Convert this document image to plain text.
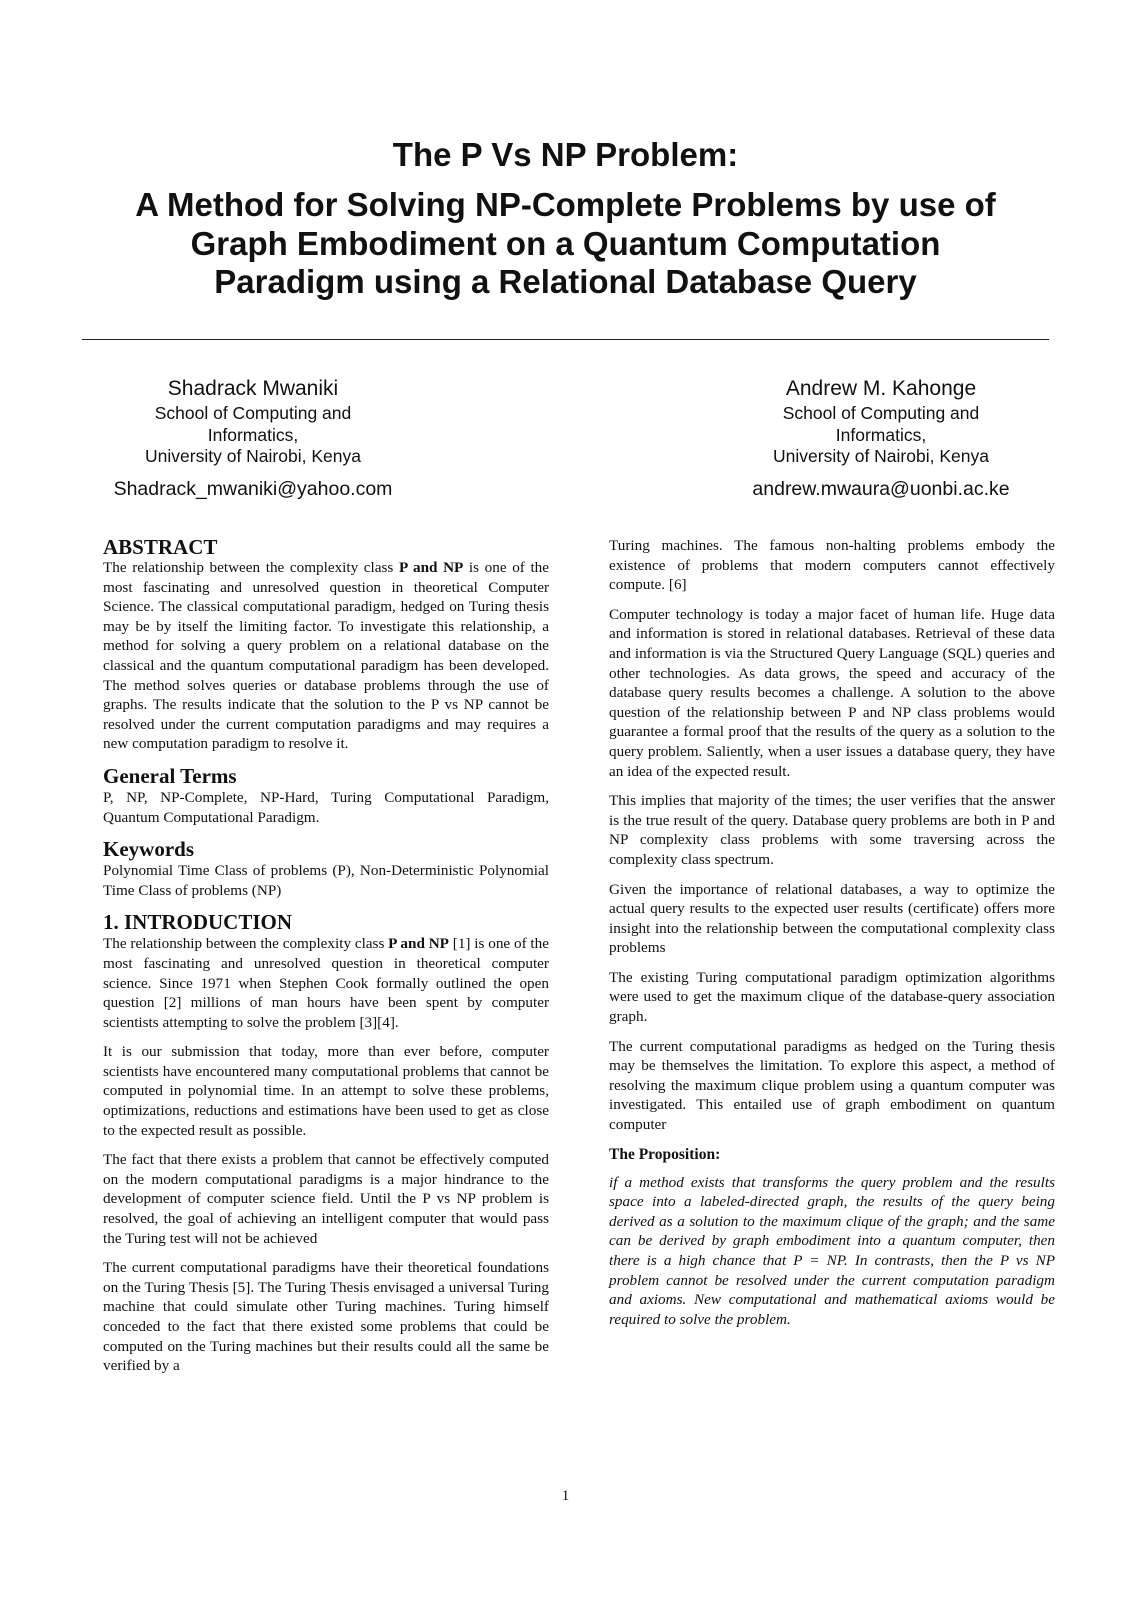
The P Vs NP Problem:
A Method for Solving NP-Complete Problems by use of
Graph Embodiment on a Quantum Computation
Paradigm using a Relational Database Query
Shadrack Mwaniki
School of Computing and
Informatics,
University of Nairobi, Kenya
Shadrack_mwaniki@yahoo.com
Andrew M. Kahonge
School of Computing and
Informatics,
University of Nairobi, Kenya
andrew.mwaura@uonbi.ac.ke
ABSTRACT

The relationship between the complexity class P and NP is one of the most fascinating and unresolved question in theoretical Computer Science. The classical computational paradigm, hedged on Turing thesis may be by itself the limiting factor. To investigate this relationship, a method for solving a query problem on a relational database on the classical and the quantum computational paradigm has been developed. The method solves queries or database problems through the use of graphs. The results indicate that the solution to the P vs NP cannot be resolved under the current computation paradigms and may requires a new computation paradigm to resolve it.

General Terms

P, NP, NP-Complete, NP-Hard, Turing Computational Paradigm, Quantum Computational Paradigm.

Keywords

Polynomial Time Class of problems (P), Non-Deterministic Polynomial Time Class of problems (NP)

1. INTRODUCTION

The relationship between the complexity class P and NP [1] is one of the most fascinating and unresolved question in theoretical computer science. Since 1971 when Stephen Cook formally outlined the open question [2] millions of man hours have been spent by computer scientists attempting to solve the problem [3][4].

It is our submission that today, more than ever before, computer scientists have encountered many computational problems that cannot be computed in polynomial time. In an attempt to solve these problems, optimizations, reductions and estimations have been used to get as close to the expected result as possible.

The fact that there exists a problem that cannot be effectively computed on the modern computational paradigms is a major hindrance to the development of computer science field. Until the P vs NP problem is resolved, the goal of achieving an intelligent computer that would pass the Turing test will not be achieved

The current computational paradigms have their theoretical foundations on the Turing Thesis [5]. The Turing Thesis envisaged a universal Turing machine that could simulate other Turing machines. Turing himself conceded to the fact that there existed some problems that could be computed on the Turing machines but their results could all the same be verified by a

Turing machines. The famous non-halting problems embody the existence of problems that modern computers cannot effectively compute. [6]

Computer technology is today a major facet of human life. Huge data and information is stored in relational databases. Retrieval of these data and information is via the Structured Query Language (SQL) queries and other technologies. As data grows, the speed and accuracy of the database query results becomes a challenge. A solution to the above question of the relationship between P and NP class problems would guarantee a formal proof that the results of the query as a solution to the query problem. Saliently, when a user issues a database query, they have an idea of the expected result.

This implies that majority of the times; the user verifies that the answer is the true result of the query. Database query problems are both in P and NP complexity class problems with some traversing across the complexity class spectrum.

Given the importance of relational databases, a way to optimize the actual query results to the expected user results (certificate) offers more insight into the relationship between the computational complexity class problems

The existing Turing computational paradigm optimization algorithms were used to get the maximum clique of the database-query association graph.

The current computational paradigms as hedged on the Turing thesis may be themselves the limitation. To explore this aspect, a method of resolving the maximum clique problem using a quantum computer was investigated. This entailed use of graph embodiment on quantum computer

The Proposition:

if a method exists that transforms the query problem and the results space into a labeled-directed graph, the results of the query being derived as a solution to the maximum clique of the graph; and the same can be derived by graph embodiment into a quantum computer, then there is a high chance that P = NP. In contrasts, then the P vs NP problem cannot be resolved under the current computation paradigm and axioms. New computational and mathematical axioms would be required to solve the problem.

1
